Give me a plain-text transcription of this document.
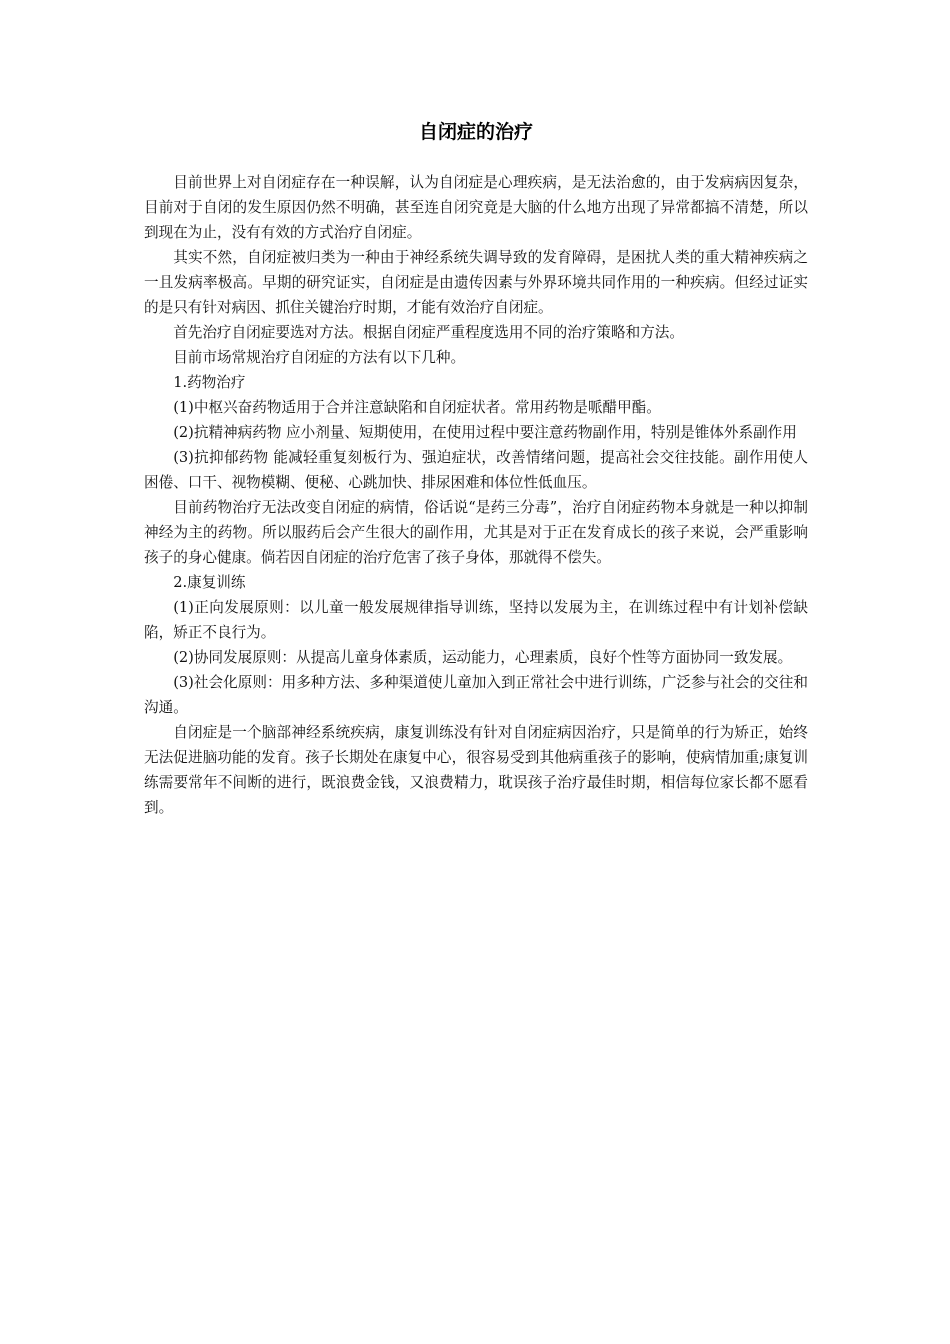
自闭症的治疗

目前世界上对自闭症存在一种误解，认为自闭症是心理疾病，是无法治愈的，由于发病病因复杂，目前对于自闭的发生原因仍然不明确，甚至连自闭究竟是大脑的什么地方出现了异常都搞不清楚，所以到现在为止，没有有效的方式治疗自闭症。

其实不然，自闭症被归类为一种由于神经系统失调导致的发育障碍，是困扰人类的重大精神疾病之一且发病率极高。早期的研究证实，自闭症是由遗传因素与外界环境共同作用的一种疾病。但经过证实的是只有针对病因、抓住关键治疗时期，才能有效治疗自闭症。

首先治疗自闭症要选对方法。根据自闭症严重程度选用不同的治疗策略和方法。

目前市场常规治疗自闭症的方法有以下几种。

1.药物治疗

(1)中枢兴奋药物适用于合并注意缺陷和自闭症状者。常用药物是哌醋甲酯。

(2)抗精神病药物 应小剂量、短期使用，在使用过程中要注意药物副作用，特别是锥体外系副作用

(3)抗抑郁药物 能减轻重复刻板行为、强迫症状，改善情绪问题，提高社会交往技能。副作用使人困倦、口干、视物模糊、便秘、心跳加快、排尿困难和体位性低血压。

目前药物治疗无法改变自闭症的病情，俗话说“是药三分毒”，治疗自闭症药物本身就是一种以抑制神经为主的药物。所以服药后会产生很大的副作用，尤其是对于正在发育成长的孩子来说，会严重影响孩子的身心健康。倘若因自闭症的治疗危害了孩子身体，那就得不偿失。

2.康复训练

(1)正向发展原则：以儿童一般发展规律指导训练，坚持以发展为主，在训练过程中有计划补偿缺陷，矫正不良行为。

(2)协同发展原则：从提高儿童身体素质，运动能力，心理素质，良好个性等方面协同一致发展。

(3)社会化原则：用多种方法、多种渠道使儿童加入到正常社会中进行训练，广泛参与社会的交往和沟通。

自闭症是一个脑部神经系统疾病，康复训练没有针对自闭症病因治疗，只是简单的行为矫正，始终无法促进脑功能的发育。孩子长期处在康复中心，很容易受到其他病重孩子的影响，使病情加重;康复训练需要常年不间断的进行，既浪费金钱，又浪费精力，耽误孩子治疗最佳时期，相信每位家长都不愿看到。
